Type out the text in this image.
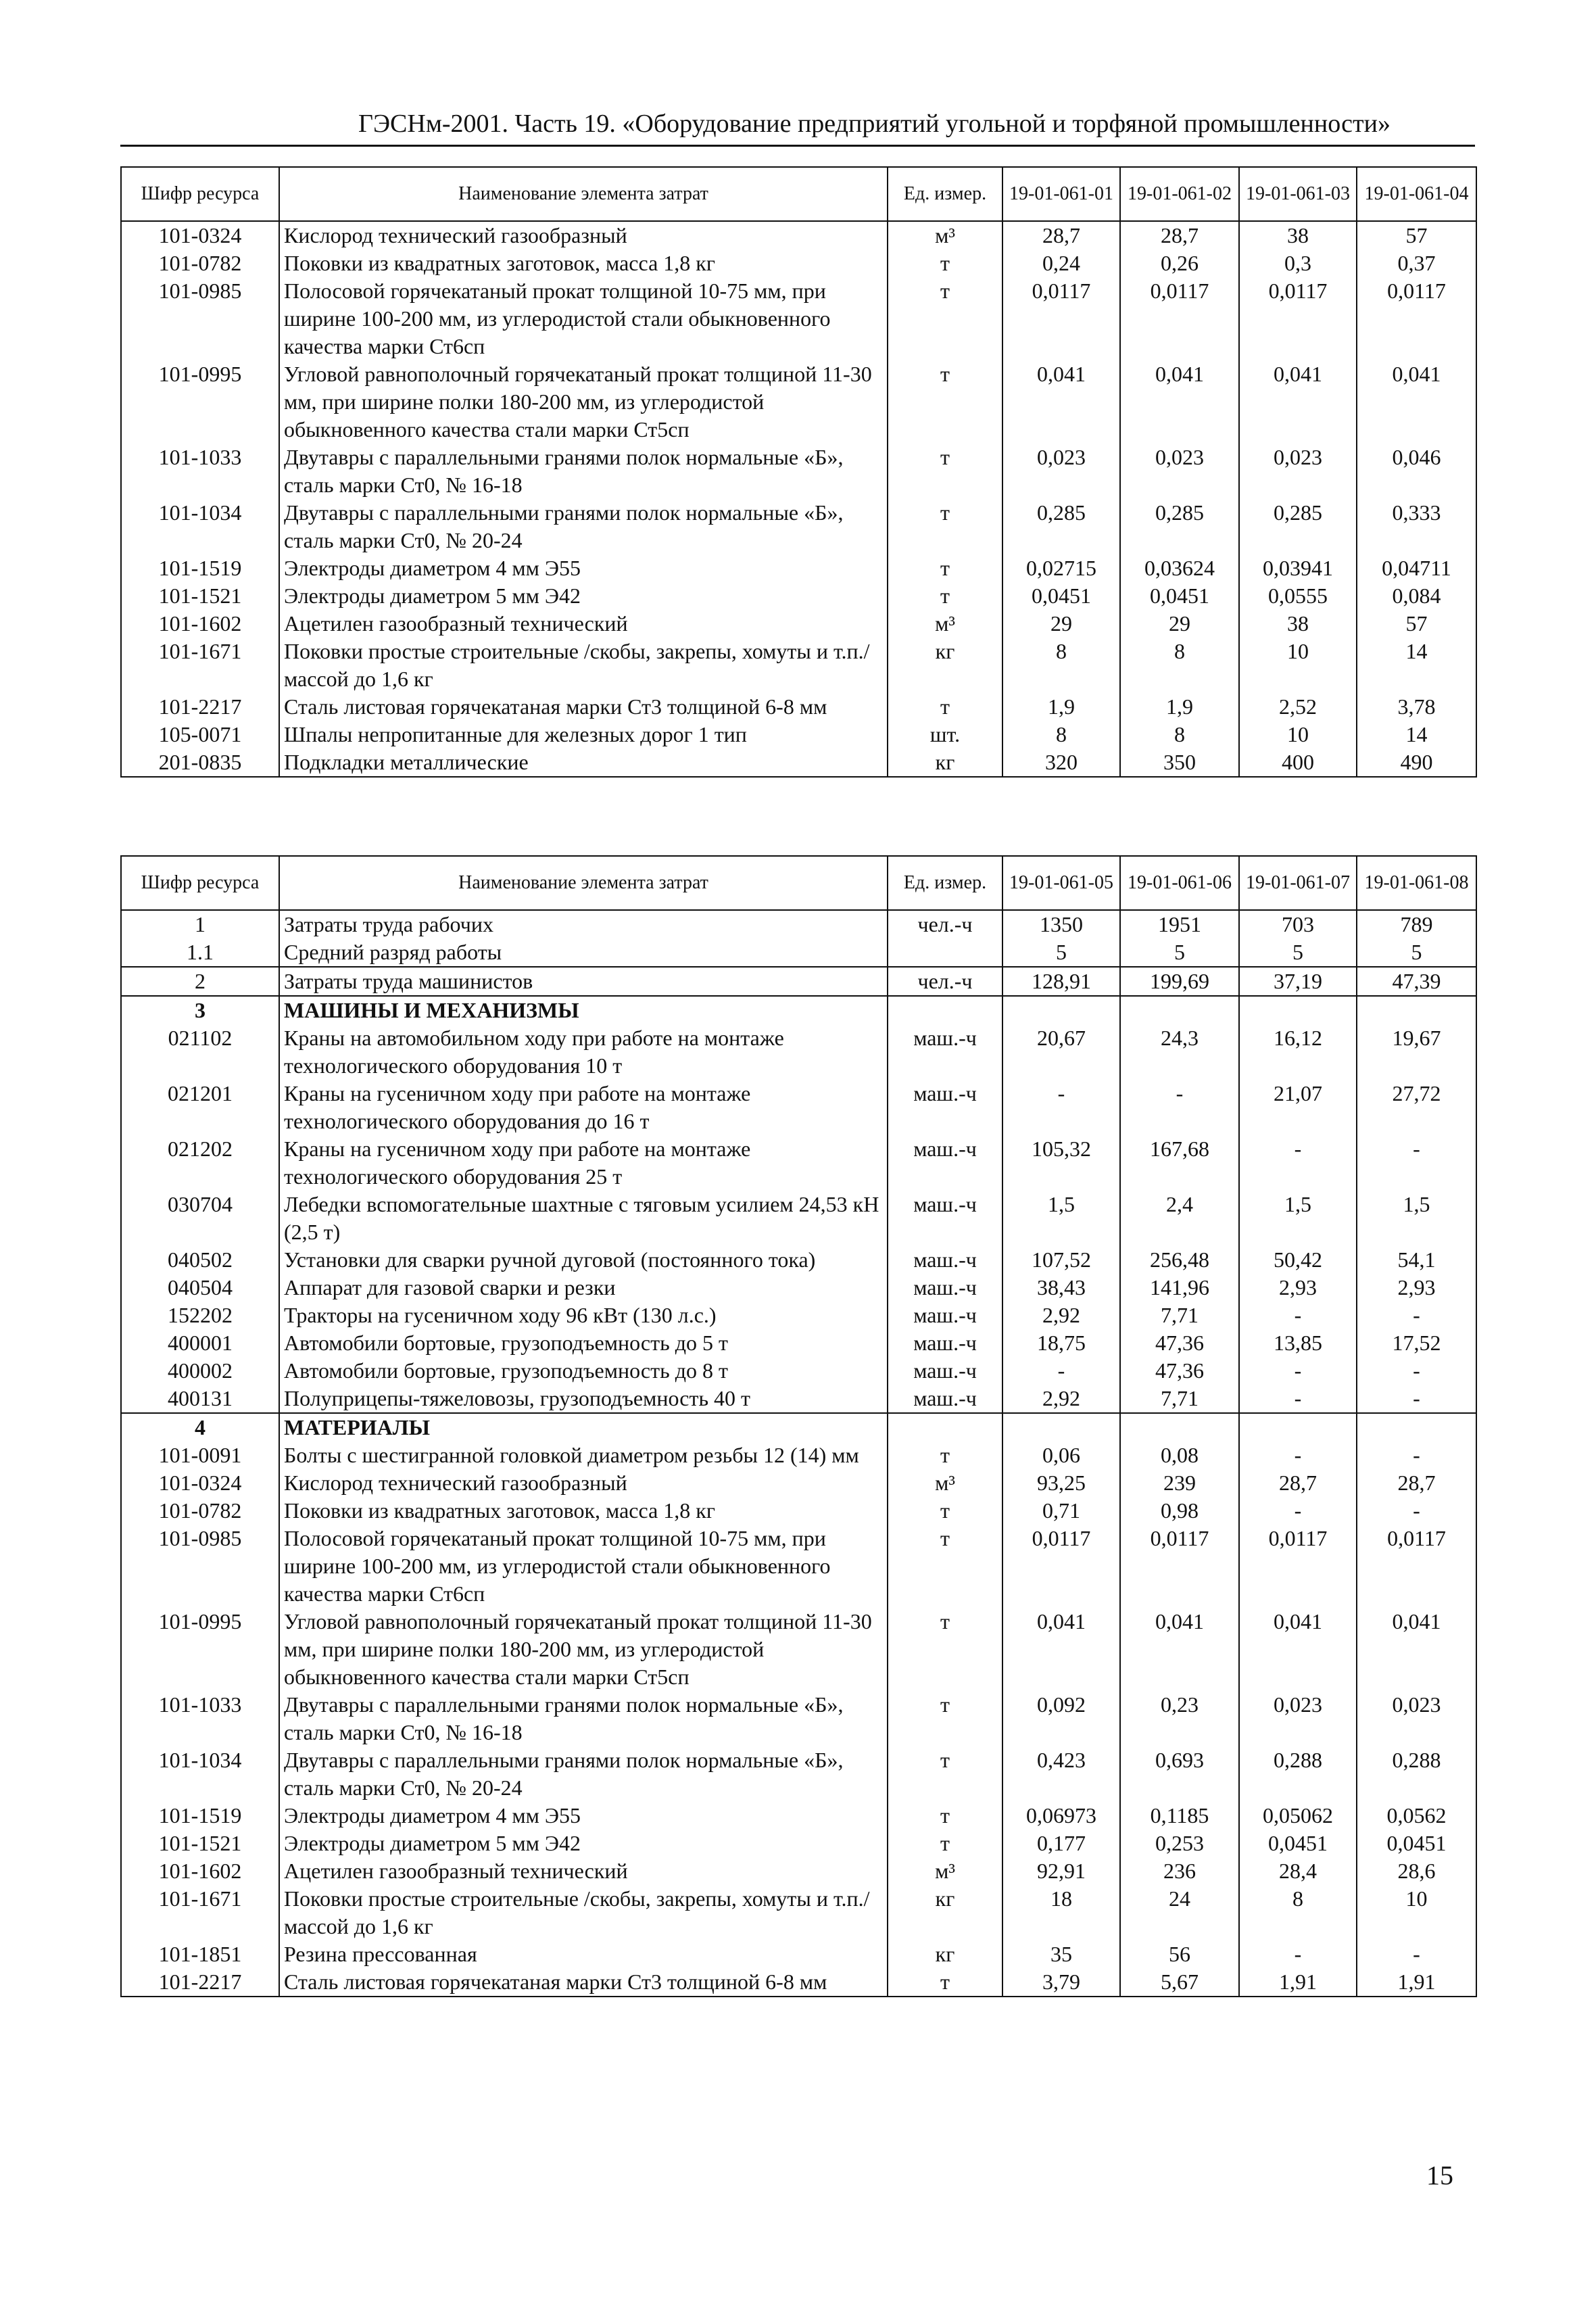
ГЭСНм-2001. Часть 19. «Оборудование предприятий угольной и торфяной промышленности»
Шифр ресурса	Наименование элемента затрат	Ед. измер.	19-01-061-01	19-01-061-02	19-01-061-03	19-01-061-04
101-0324	Кислород технический газообразный	м³	28,7	28,7	38	57
101-0782	Поковки из квадратных заготовок, масса 1,8 кг	т	0,24	0,26	0,3	0,37
101-0985	Полосовой горячекатаный прокат толщиной 10-75 мм, при ширине 100-200 мм, из углеродистой стали обыкновенного качества марки Ст6сп	т	0,0117	0,0117	0,0117	0,0117
101-0995	Угловой равнополочный горячекатаный прокат толщиной 11-30 мм, при ширине полки 180-200 мм, из углеродистой обыкновенного качества стали марки Ст5сп	т	0,041	0,041	0,041	0,041
101-1033	Двутавры с параллельными гранями полок нормальные «Б», сталь марки Ст0, № 16-18	т	0,023	0,023	0,023	0,046
101-1034	Двутавры с параллельными гранями полок нормальные «Б», сталь марки Ст0, № 20-24	т	0,285	0,285	0,285	0,333
101-1519	Электроды диаметром 4 мм Э55	т	0,02715	0,03624	0,03941	0,04711
101-1521	Электроды диаметром 5 мм Э42	т	0,0451	0,0451	0,0555	0,084
101-1602	Ацетилен газообразный технический	м³	29	29	38	57
101-1671	Поковки простые строительные /скобы, закрепы, хомуты и т.п./ массой до 1,6 кг	кг	8	8	10	14
101-2217	Сталь листовая горячекатаная марки Ст3 толщиной 6-8 мм	т	1,9	1,9	2,52	3,78
105-0071	Шпалы непропитанные для железных дорог 1 тип	шт.	8	8	10	14
201-0835	Подкладки металлические	кг	320	350	400	490
Шифр ресурса	Наименование элемента затрат	Ед. измер.	19-01-061-05	19-01-061-06	19-01-061-07	19-01-061-08
1	Затраты труда рабочих	чел.-ч	1350	1951	703	789
1.1	Средний разряд работы		5	5	5	5
2	Затраты труда машинистов	чел.-ч	128,91	199,69	37,19	47,39
3	МАШИНЫ И МЕХАНИЗМЫ					
021102	Краны на автомобильном ходу при работе на монтаже технологического оборудования 10 т	маш.-ч	20,67	24,3	16,12	19,67
021201	Краны на гусеничном ходу при работе на монтаже технологического оборудования до 16 т	маш.-ч	-	-	21,07	27,72
021202	Краны на гусеничном ходу при работе на монтаже технологического оборудования 25 т	маш.-ч	105,32	167,68	-	-
030704	Лебедки вспомогательные шахтные с тяговым усилием 24,53 кН (2,5 т)	маш.-ч	1,5	2,4	1,5	1,5
040502	Установки для сварки ручной дуговой (постоянного тока)	маш.-ч	107,52	256,48	50,42	54,1
040504	Аппарат для газовой сварки и резки	маш.-ч	38,43	141,96	2,93	2,93
152202	Тракторы на гусеничном ходу 96 кВт (130 л.с.)	маш.-ч	2,92	7,71	-	-
400001	Автомобили бортовые, грузоподъемность до 5 т	маш.-ч	18,75	47,36	13,85	17,52
400002	Автомобили бортовые, грузоподъемность до 8 т	маш.-ч	-	47,36	-	-
400131	Полуприцепы-тяжеловозы, грузоподъемность 40 т	маш.-ч	2,92	7,71	-	-
4	МАТЕРИАЛЫ					
101-0091	Болты с шестигранной головкой диаметром резьбы 12 (14) мм	т	0,06	0,08	-	-
101-0324	Кислород технический газообразный	м³	93,25	239	28,7	28,7
101-0782	Поковки из квадратных заготовок, масса 1,8 кг	т	0,71	0,98	-	-
101-0985	Полосовой горячекатаный прокат толщиной 10-75 мм, при ширине 100-200 мм, из углеродистой стали обыкновенного качества марки Ст6сп	т	0,0117	0,0117	0,0117	0,0117
101-0995	Угловой равнополочный горячекатаный прокат толщиной 11-30 мм, при ширине полки 180-200 мм, из углеродистой обыкновенного качества стали марки Ст5сп	т	0,041	0,041	0,041	0,041
101-1033	Двутавры с параллельными гранями полок нормальные «Б», сталь марки Ст0, № 16-18	т	0,092	0,23	0,023	0,023
101-1034	Двутавры с параллельными гранями полок нормальные «Б», сталь марки Ст0, № 20-24	т	0,423	0,693	0,288	0,288
101-1519	Электроды диаметром 4 мм Э55	т	0,06973	0,1185	0,05062	0,0562
101-1521	Электроды диаметром 5 мм Э42	т	0,177	0,253	0,0451	0,0451
101-1602	Ацетилен газообразный технический	м³	92,91	236	28,4	28,6
101-1671	Поковки простые строительные /скобы, закрепы, хомуты и т.п./ массой до 1,6 кг	кг	18	24	8	10
101-1851	Резина прессованная	кг	35	56	-	-
101-2217	Сталь листовая горячекатаная марки Ст3 толщиной 6-8 мм	т	3,79	5,67	1,91	1,91
15
